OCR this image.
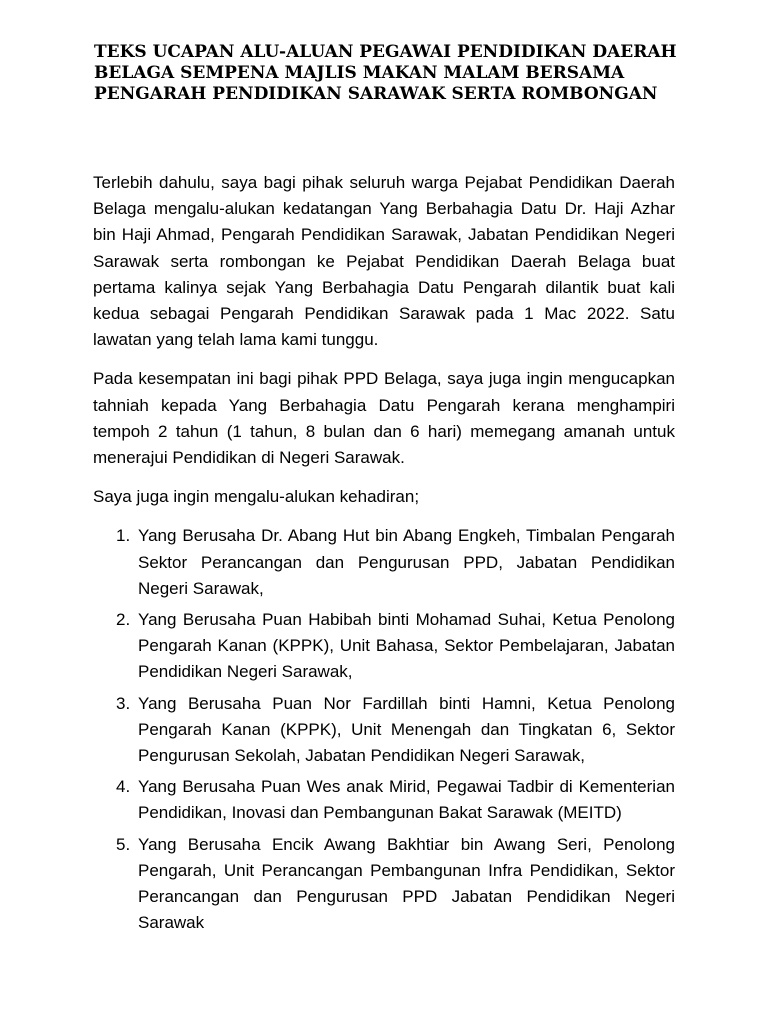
TEKS UCAPAN ALU-ALUAN PEGAWAI PENDIDIKAN DAERAH BELAGA SEMPENA MAJLIS MAKAN MALAM BERSAMA PENGARAH PENDIDIKAN SARAWAK SERTA ROMBONGAN

Terlebih dahulu, saya bagi pihak seluruh warga Pejabat Pendidikan Daerah Belaga mengalu-alukan kedatangan Yang Berbahagia Datu Dr. Haji Azhar bin Haji Ahmad, Pengarah Pendidikan Sarawak, Jabatan Pendidikan Negeri Sarawak serta rombongan ke Pejabat Pendidikan Daerah Belaga buat pertama kalinya sejak Yang Berbahagia Datu Pengarah dilantik buat kali kedua sebagai Pengarah Pendidikan Sarawak pada 1 Mac 2022. Satu lawatan yang telah lama kami tunggu.

Pada kesempatan ini bagi pihak PPD Belaga, saya juga ingin mengucapkan tahniah kepada Yang Berbahagia Datu Pengarah kerana menghampiri tempoh 2 tahun (1 tahun, 8 bulan dan 6 hari) memegang amanah untuk menerajui Pendidikan di Negeri Sarawak.

Saya juga ingin mengalu-alukan kehadiran;

1. Yang Berusaha Dr. Abang Hut bin Abang Engkeh, Timbalan Pengarah Sektor Perancangan dan Pengurusan PPD, Jabatan Pendidikan Negeri Sarawak,
2. Yang Berusaha Puan Habibah binti Mohamad Suhai, Ketua Penolong Pengarah Kanan (KPPK), Unit Bahasa, Sektor Pembelajaran, Jabatan Pendidikan Negeri Sarawak,
3. Yang Berusaha Puan Nor Fardillah binti Hamni, Ketua Penolong Pengarah Kanan (KPPK), Unit Menengah dan Tingkatan 6, Sektor Pengurusan Sekolah, Jabatan Pendidikan Negeri Sarawak,
4. Yang Berusaha Puan Wes anak Mirid, Pegawai Tadbir di Kementerian Pendidikan, Inovasi dan Pembangunan Bakat Sarawak (MEITD)
5. Yang Berusaha Encik Awang Bakhtiar bin Awang Seri, Penolong Pengarah, Unit Perancangan Pembangunan Infra Pendidikan, Sektor Perancangan dan Pengurusan PPD Jabatan Pendidikan Negeri Sarawak
